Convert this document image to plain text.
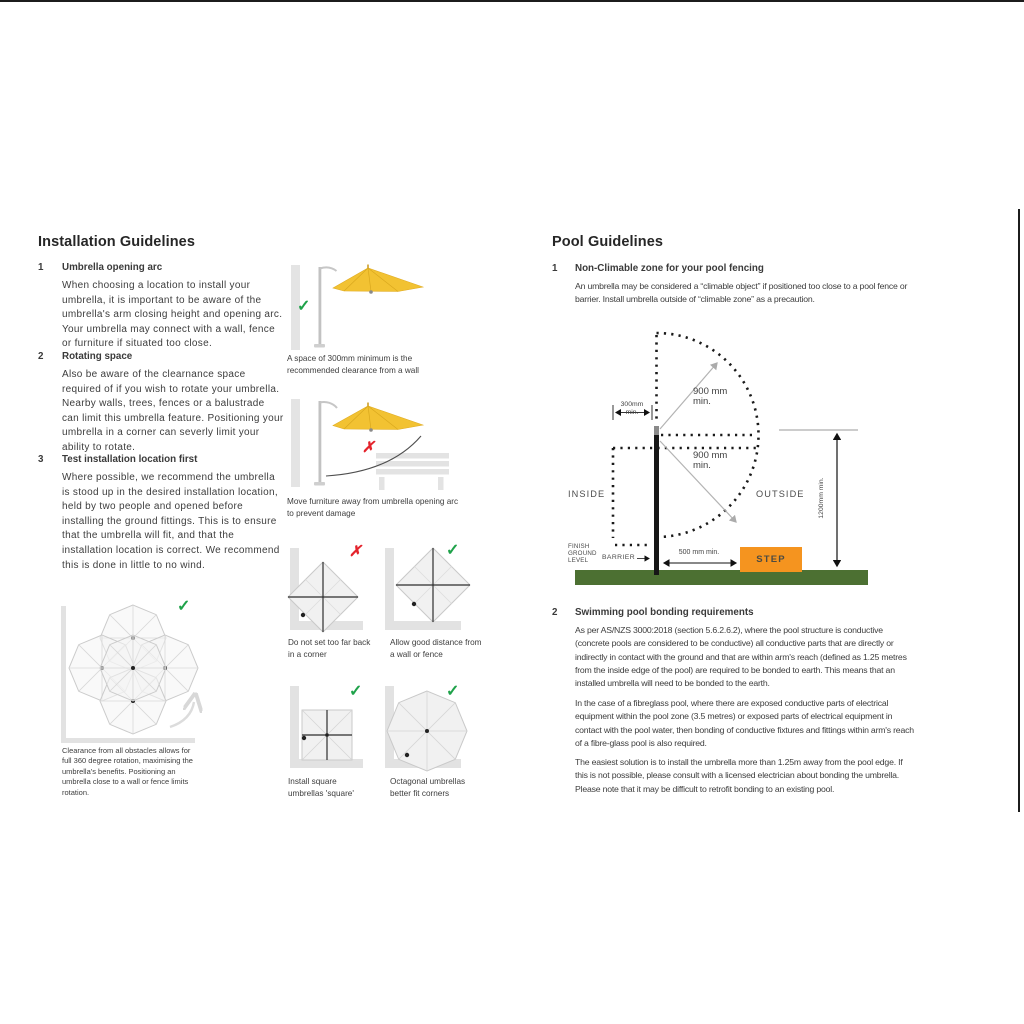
Installation Guidelines
1 Umbrella opening arc
When choosing a location to install your umbrella, it is important to be aware of the umbrella's arm closing height and opening arc. Your umbrella may connect with a wall, fence or furniture if situated too close.
2 Rotating space
Also be aware of the clearnance space required of if you wish to rotate your umbrella. Nearby walls, trees, fences or a balustrade can limit this umbrella feature. Positioning your umbrella in a corner can severly limit your ability to rotate.
3 Test installation location first
Where possible, we recommend the umbrella is stood up in the desired installation location, held by two people and opened before installing the ground fittings. This is to ensure that the umbrella will fit, and that the installation location is correct. We recommend this is done in little to no wind.
✓
Clearance from all obstacles allows for full 360 degree rotation, maximising the umbrella's benefits. Positioning an umbrella close to a wall or fence limits rotation.
✓
A space of 300mm minimum is the recommended clearance from a wall
✗
Move furniture away from umbrella opening arc to prevent damage
✗
Do not set too far back in a corner
✓
Allow good distance from a wall or fence
✓
Install square umbrellas 'square'
✓
Octagonal umbrellas better fit corners
Pool Guidelines
1 Non-Climable zone for your pool fencing
An umbrella may be considered a “climable object” if positioned too close to a pool fence or barrier. Install umbrella outside of “climable zone” as a precaution.
300mm
min.
900 mm
min.
900 mm
min.
INSIDE	OUTSIDE 1200mm min.
FINISH GROUND LEVEL	BARRIER
500 mm min.
STEP
2 Swimming pool bonding requirements
As per AS/NZS 3000:2018 (section 5.6.2.6.2), where the pool structure is conductive (concrete pools are considered to be conductive) all conductive parts that are directly or indirectly in contact with the ground and that are within arm's reach (defined as 1.25 metres from the inside edge of the pool) are required to be bonded to earth. This means that an installed umbrella will need to be bonded to the earth.
In the case of a fibreglass pool, where there are exposed conductive parts of electrical equipment within the pool zone (3.5 metres) or exposed parts of electrical equipment in contact with the pool water, then bonding of conductive fixtures and fittings within arm's reach of a fibre-glass pool is also required.
The easiest solution is to install the umbrella more than 1.25m away from the pool edge. If this is not possible, please consult with a licensed electrician about bonding the umbrella. Please note that it may be difficult to retrofit bonding to an existing pool.
